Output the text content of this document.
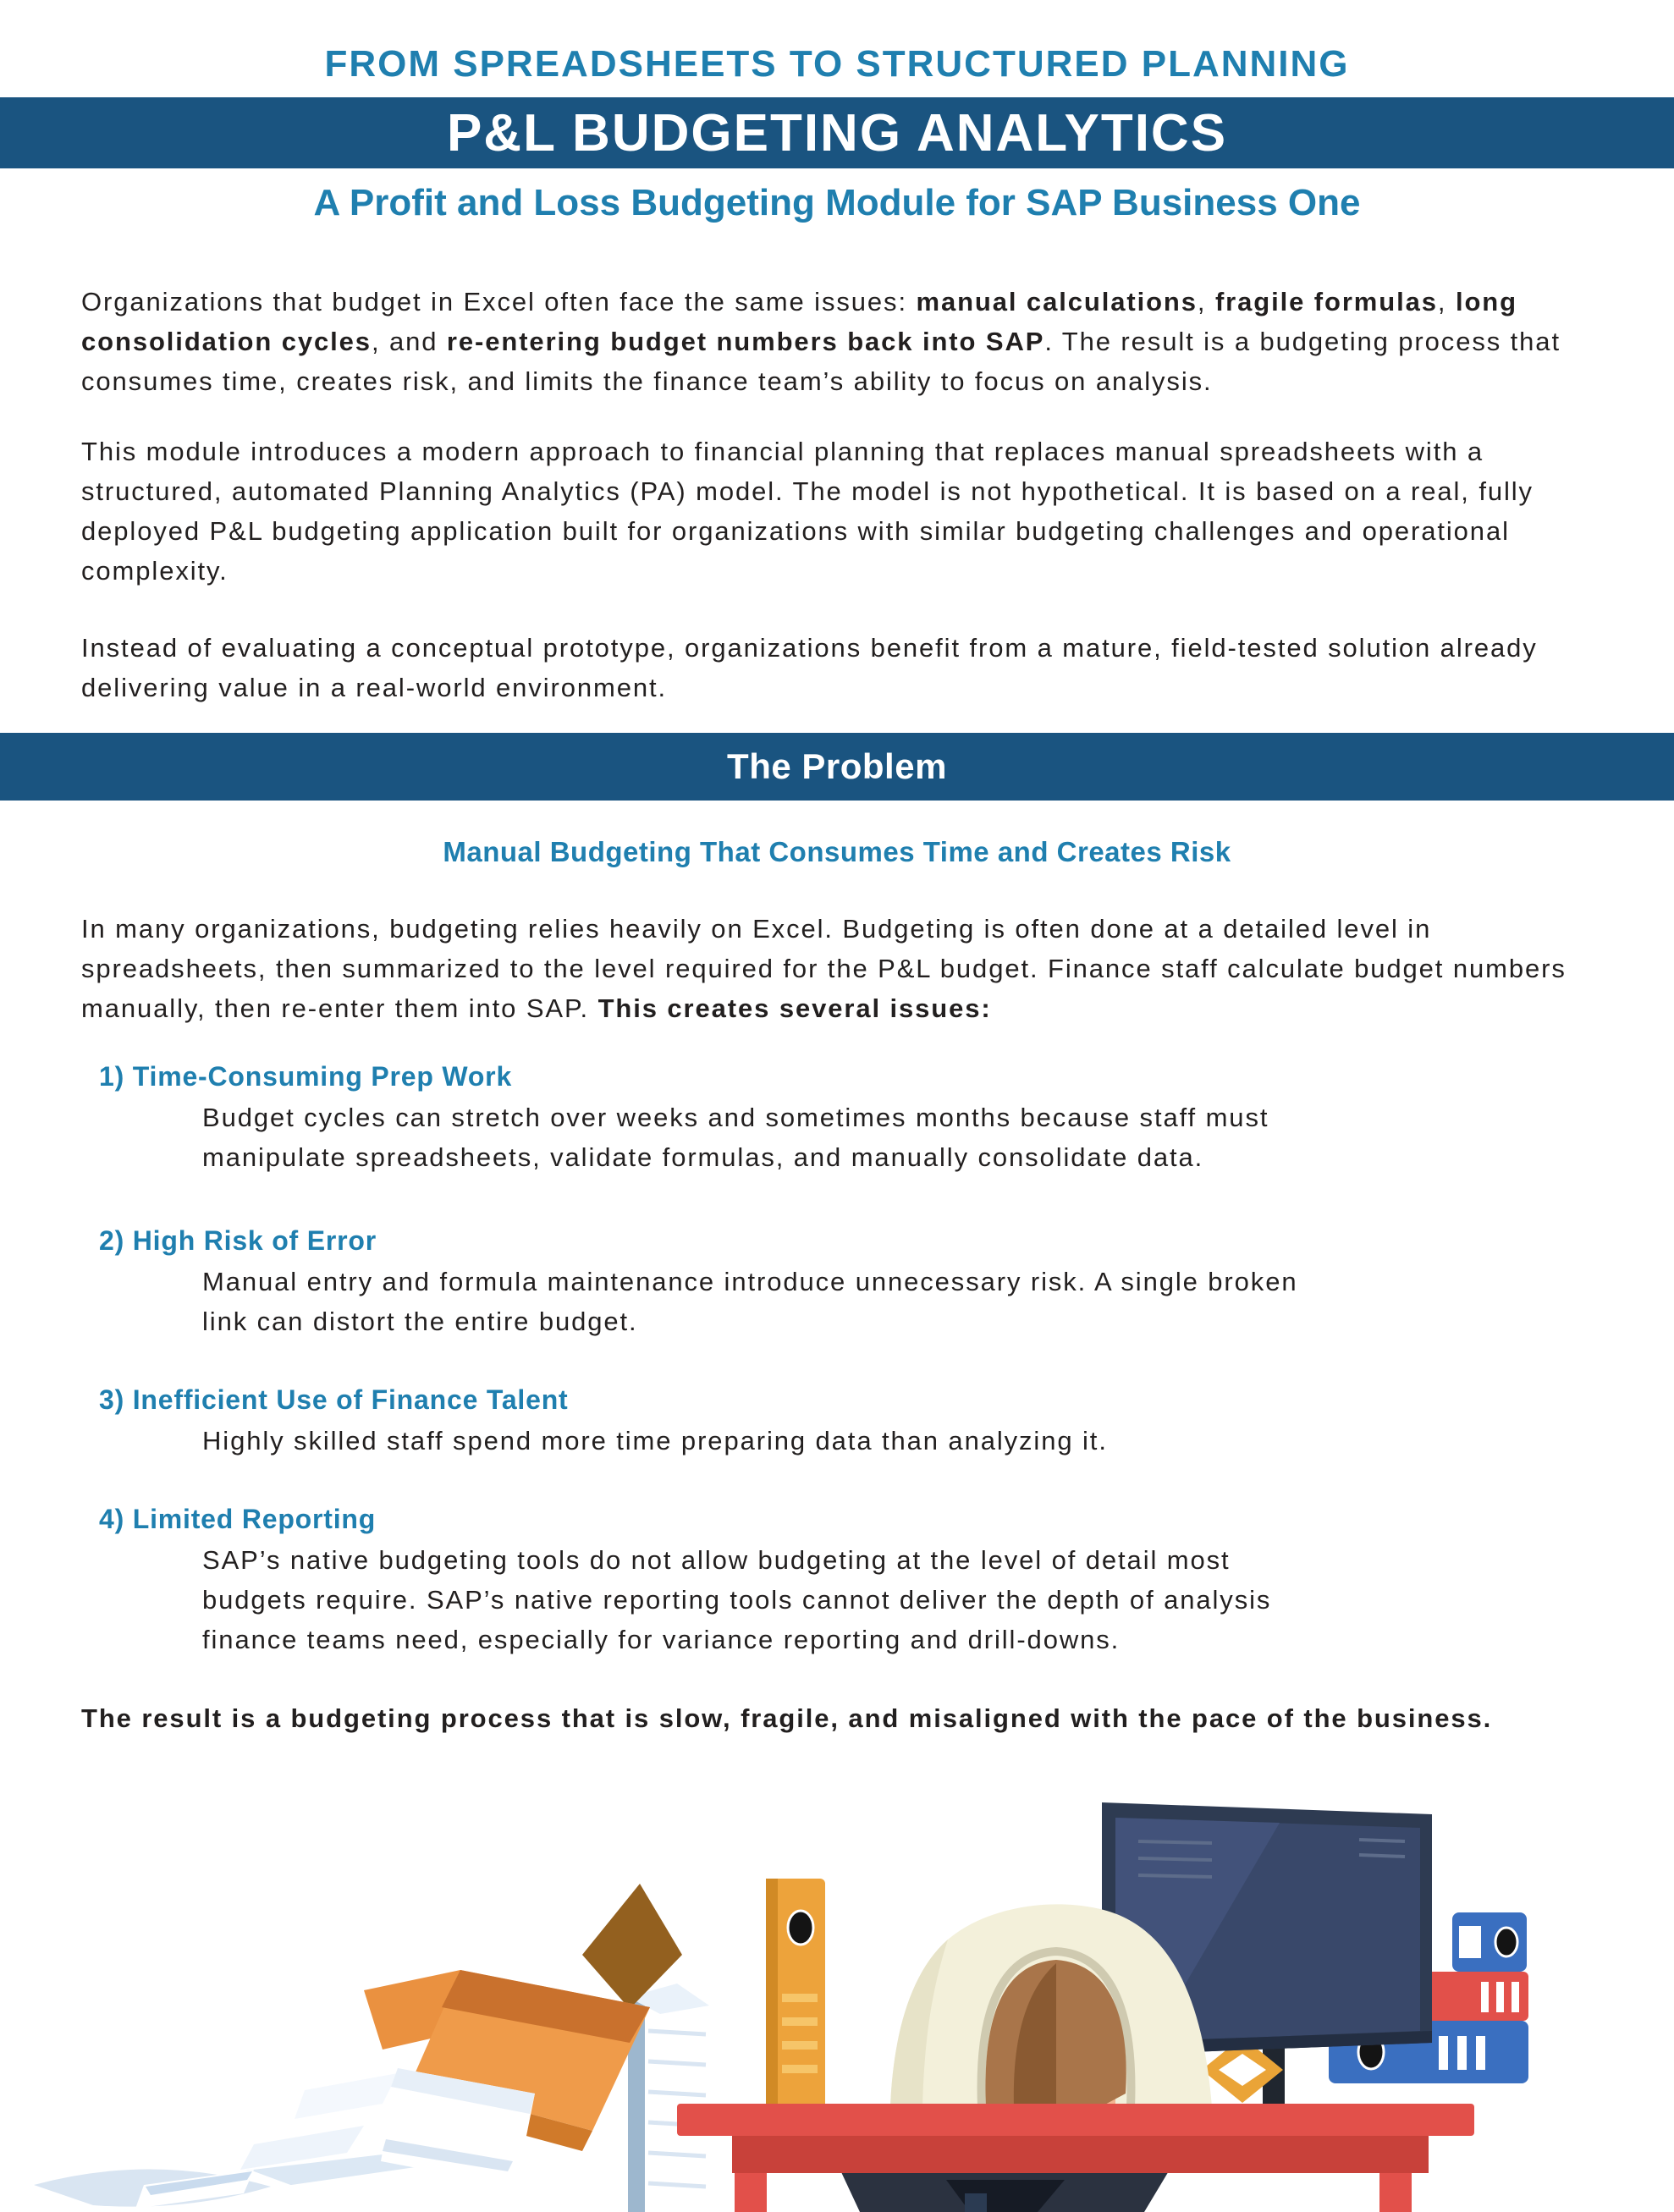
FROM SPREADSHEETS TO STRUCTURED PLANNING
P&L BUDGETING ANALYTICS
A Profit and Loss Budgeting Module for SAP Business One

Organizations that budget in Excel often face the same issues: manual calculations, fragile formulas, long consolidation cycles, and re-entering budget numbers back into SAP. The result is a budgeting process that consumes time, creates risk, and limits the finance team’s ability to focus on analysis.

This module introduces a modern approach to financial planning that replaces manual spreadsheets with a structured, automated Planning Analytics (PA) model. The model is not hypothetical. It is based on a real, fully deployed P&L budgeting application built for organizations with similar budgeting challenges and operational complexity.

Instead of evaluating a conceptual prototype, organizations benefit from a mature, field-tested solution already delivering value in a real-world environment.

The Problem
Manual Budgeting That Consumes Time and Creates Risk

In many organizations, budgeting relies heavily on Excel. Budgeting is often done at a detailed level in spreadsheets, then summarized to the level required for the P&L budget. Finance staff calculate budget numbers manually, then re-enter them into SAP. This creates several issues:

1) Time-Consuming Prep Work

Budget cycles can stretch over weeks and sometimes months because staff must manipulate spreadsheets, validate formulas, and manually consolidate data.

2) High Risk of Error

Manual entry and formula maintenance introduce unnecessary risk. A single broken link can distort the entire budget.

3) Inefficient Use of Finance Talent

Highly skilled staff spend more time preparing data than analyzing it.

4) Limited Reporting

SAP’s native budgeting tools do not allow budgeting at the level of detail most budgets require. SAP’s native reporting tools cannot deliver the depth of analysis finance teams need, especially for variance reporting and drill-downs.

The result is a budgeting process that is slow, fragile, and misaligned with the pace of the business.
